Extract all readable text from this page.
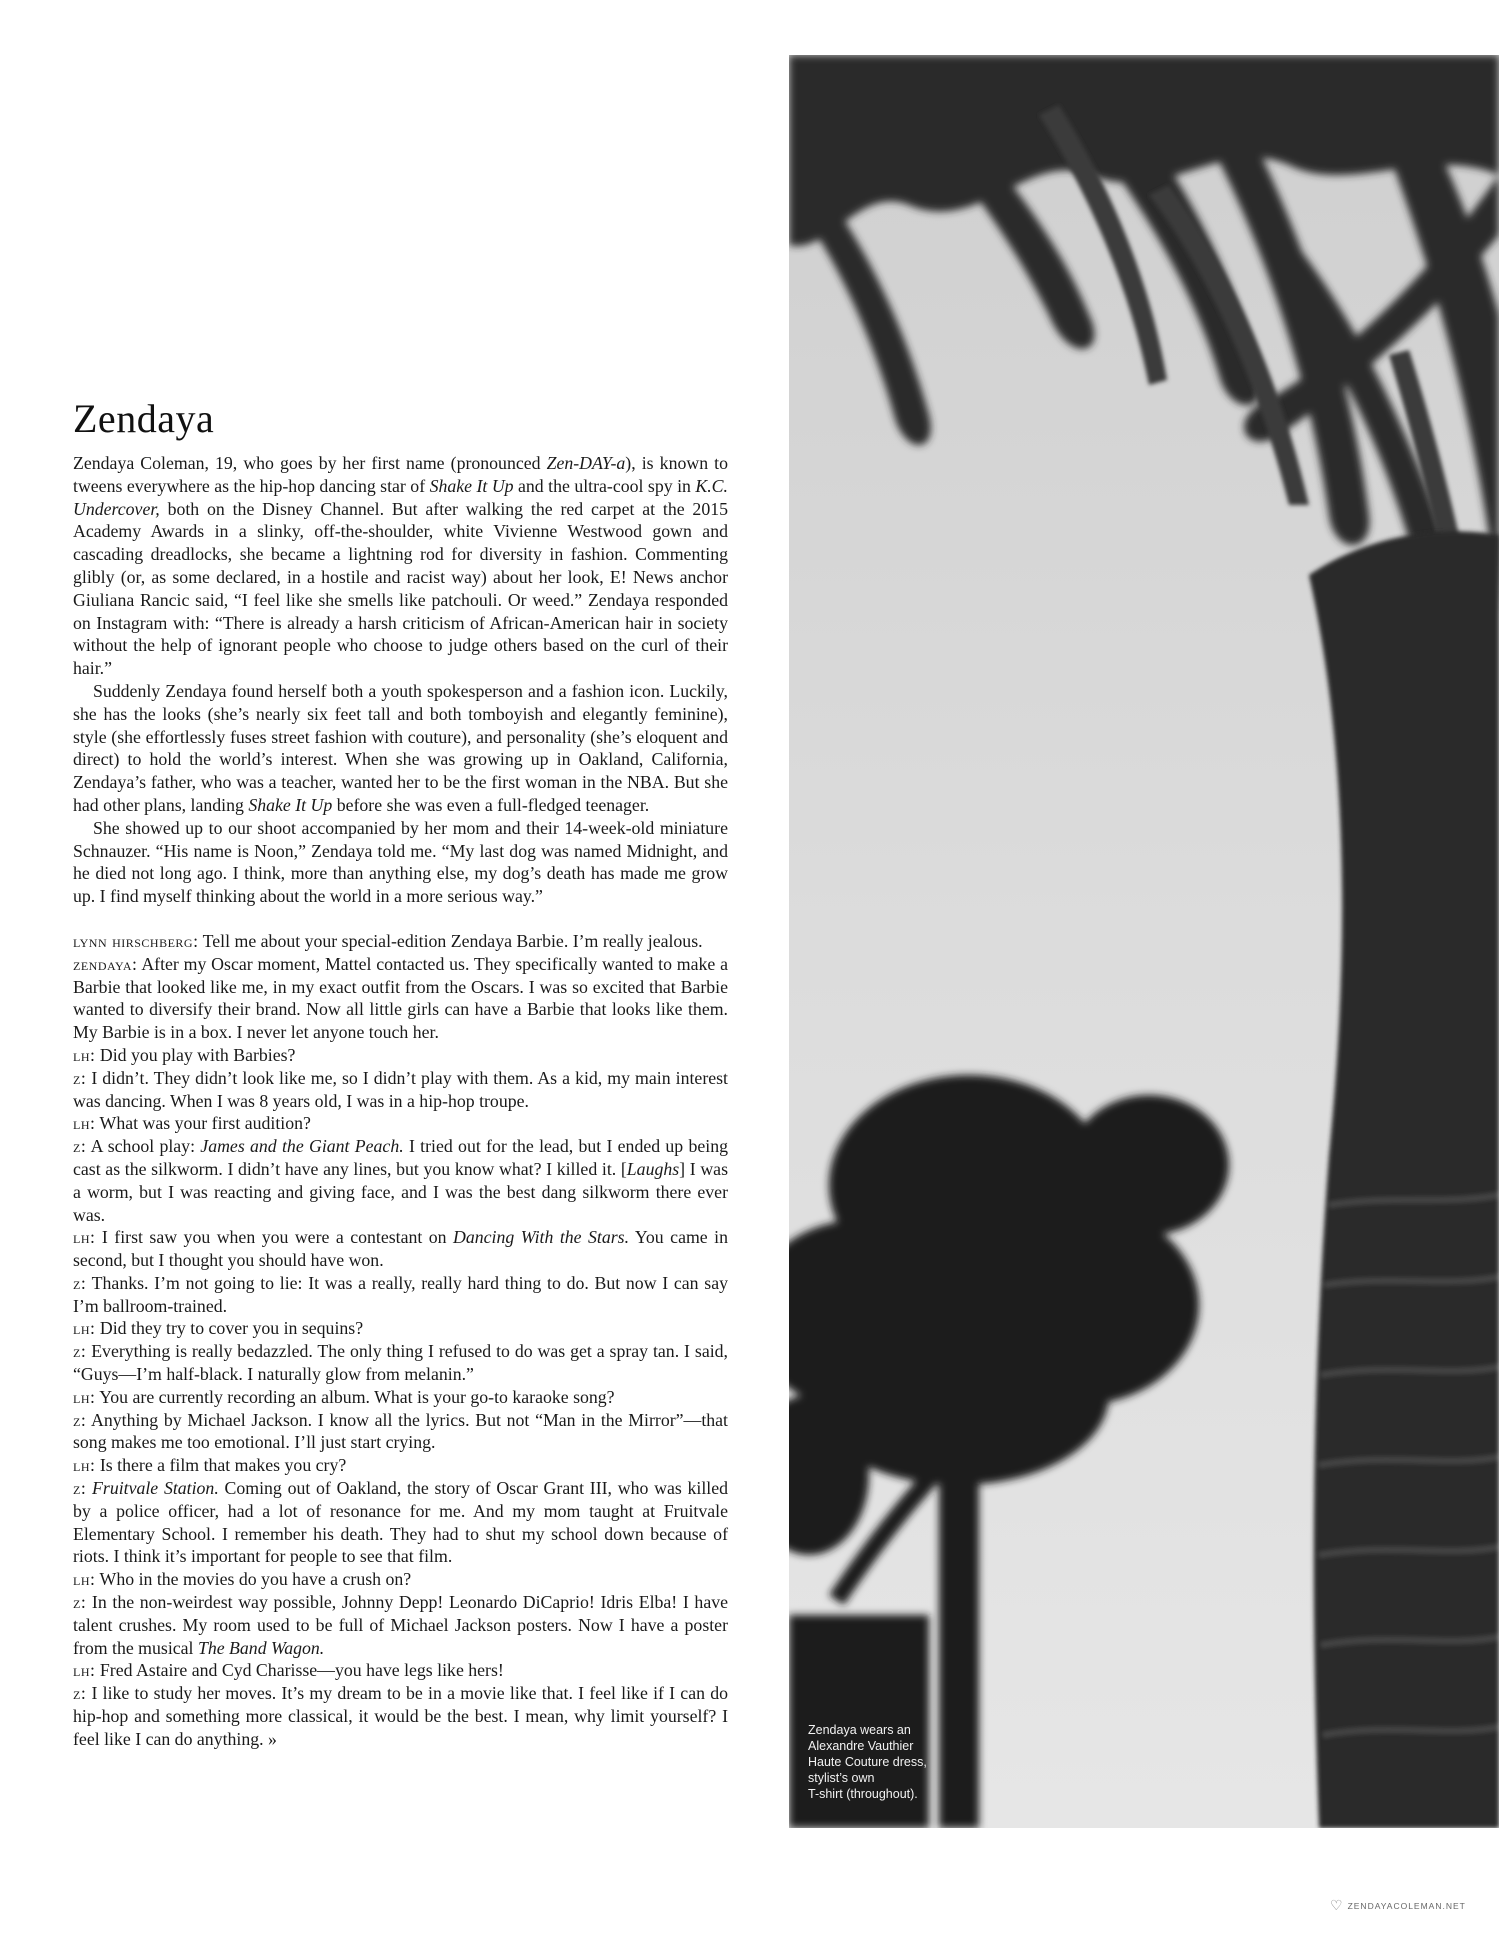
Zendaya

Zendaya Coleman, 19, who goes by her first name (pronounced Zen-DAY-a), is known to tweens everywhere as the hip-hop dancing star of Shake It Up and the ultra-cool spy in K.C. Undercover, both on the Disney Channel. But after walking the red carpet at the 2015 Academy Awards in a slinky, off-the-shoulder, white Vivienne Westwood gown and cascading dreadlocks, she became a lightning rod for diversity in fashion. Commenting glibly (or, as some declared, in a hostile and racist way) about her look, E! News anchor Giuliana Rancic said, “I feel like she smells like patchouli. Or weed.” Zendaya responded on Instagram with: “There is already a harsh criticism of African-American hair in society without the help of ignorant people who choose to judge others based on the curl of their hair.”

Suddenly Zendaya found herself both a youth spokesperson and a fashion icon. Luckily, she has the looks (she’s nearly six feet tall and both tomboyish and elegantly feminine), style (she effortlessly fuses street fashion with couture), and personality (she’s eloquent and direct) to hold the world’s interest. When she was growing up in Oakland, California, Zendaya’s father, who was a teacher, wanted her to be the first woman in the NBA. But she had other plans, landing Shake It Up before she was even a full-fledged teenager.

She showed up to our shoot accompanied by her mom and their 14-week-old miniature Schnauzer. “His name is Noon,” Zendaya told me. “My last dog was named Midnight, and he died not long ago. I think, more than anything else, my dog’s death has made me grow up. I find myself thinking about the world in a more serious way.”

lynn hirschberg: Tell me about your special-edition Zendaya Barbie. I’m really jealous.

zendaya: After my Oscar moment, Mattel contacted us. They specifically wanted to make a Barbie that looked like me, in my exact outfit from the Oscars. I was so excited that Barbie wanted to diversify their brand. Now all little girls can have a Barbie that looks like them. My Barbie is in a box. I never let anyone touch her.

lh: Did you play with Barbies?

z: I didn’t. They didn’t look like me, so I didn’t play with them. As a kid, my main interest was dancing. When I was 8 years old, I was in a hip-hop troupe.

lh: What was your first audition?

z: A school play: James and the Giant Peach. I tried out for the lead, but I ended up being cast as the silkworm. I didn’t have any lines, but you know what? I killed it. [Laughs] I was a worm, but I was reacting and giving face, and I was the best dang silkworm there ever was.

lh: I first saw you when you were a contestant on Dancing With the Stars. You came in second, but I thought you should have won.

z: Thanks. I’m not going to lie: It was a really, really hard thing to do. But now I can say I’m ballroom-trained.

lh: Did they try to cover you in sequins?

z: Everything is really bedazzled. The only thing I refused to do was get a spray tan. I said, “Guys—I’m half-black. I naturally glow from melanin.”

lh: You are currently recording an album. What is your go-to karaoke song?

z: Anything by Michael Jackson. I know all the lyrics. But not “Man in the Mirror”—that song makes me too emotional. I’ll just start crying.

lh: Is there a film that makes you cry?

z: Fruitvale Station. Coming out of Oakland, the story of Oscar Grant III, who was killed by a police officer, had a lot of resonance for me. And my mom taught at Fruitvale Elementary School. I remember his death. They had to shut my school down because of riots. I think it’s important for people to see that film.

lh: Who in the movies do you have a crush on?

z: In the non-weirdest way possible, Johnny Depp! Leonardo DiCaprio! Idris Elba! I have talent crushes. My room used to be full of Michael Jackson posters. Now I have a poster from the musical The Band Wagon.

lh: Fred Astaire and Cyd Charisse—you have legs like hers!

z: I like to study her moves. It’s my dream to be in a movie like that. I feel like if I can do hip-hop and something more classical, it would be the best. I mean, why limit yourself? I feel like I can do anything. »	Zendaya wears an
Alexandre Vauthier
Haute Couture dress,
stylist’s own
T-shirt (throughout).
♡ ZENDAYACOLEMAN.NET
